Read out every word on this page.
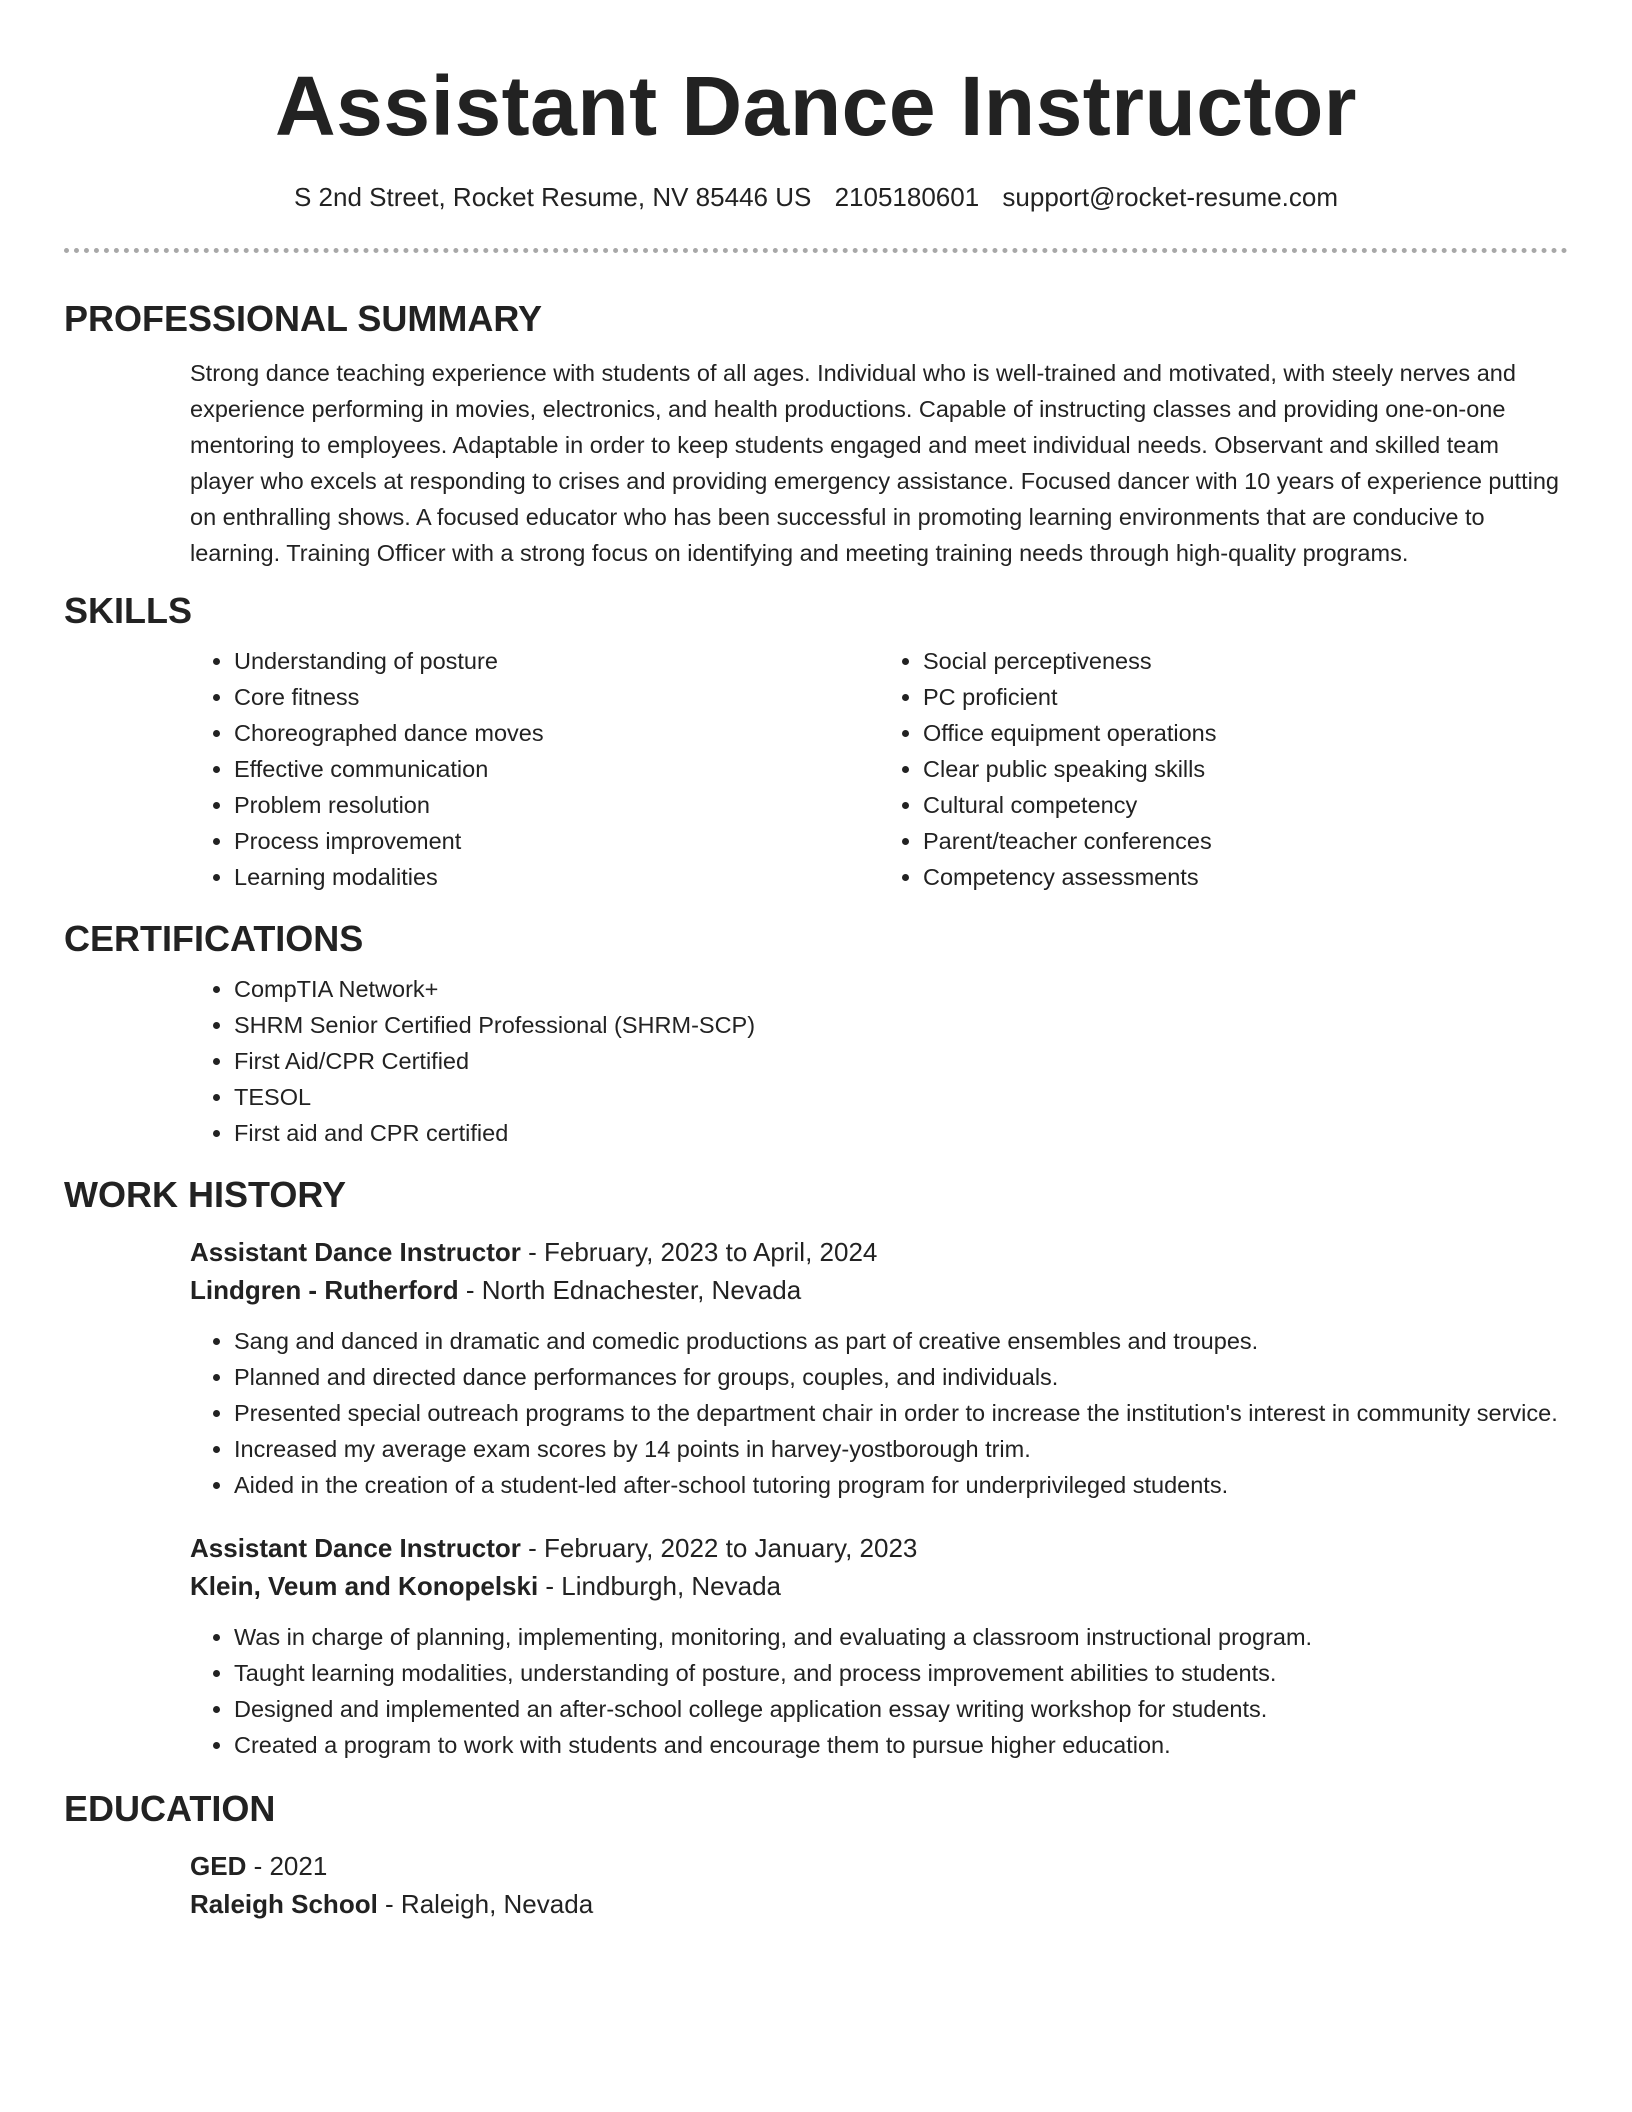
Assistant Dance Instructor
S 2nd Street, Rocket Resume, NV 85446 US 2105180601 support@rocket-resume.com
PROFESSIONAL SUMMARY

Strong dance teaching experience with students of all ages. Individual who is well-trained and motivated, with steely nerves and experience performing in movies, electronics, and health productions. Capable of instructing classes and providing one-on-one mentoring to employees. Adaptable in order to keep students engaged and meet individual needs. Observant and skilled team player who excels at responding to crises and providing emergency assistance. Focused dancer with 10 years of experience putting on enthralling shows. A focused educator who has been successful in promoting learning environments that are conducive to learning. Training Officer with a strong focus on identifying and meeting training needs through high-quality programs.

SKILLS
• Understanding of posture
• Core fitness
• Choreographed dance moves
• Effective communication
• Problem resolution
• Process improvement
• Learning modalities
• Social perceptiveness
• PC proficient
• Office equipment operations
• Clear public speaking skills
• Cultural competency
• Parent/teacher conferences
• Competency assessments
CERTIFICATIONS
• CompTIA Network+
• SHRM Senior Certified Professional (SHRM-SCP)
• First Aid/CPR Certified
• TESOL
• First aid and CPR certified
WORK HISTORY
Assistant Dance Instructor - February, 2023 to April, 2024
Lindgren - Rutherford - North Ednachester, Nevada
• Sang and danced in dramatic and comedic productions as part of creative ensembles and troupes.
• Planned and directed dance performances for groups, couples, and individuals.
• Presented special outreach programs to the department chair in order to increase the institution's interest in community service.
• Increased my average exam scores by 14 points in harvey-yostborough trim.
• Aided in the creation of a student-led after-school tutoring program for underprivileged students.
Assistant Dance Instructor - February, 2022 to January, 2023
Klein, Veum and Konopelski - Lindburgh, Nevada
• Was in charge of planning, implementing, monitoring, and evaluating a classroom instructional program.
• Taught learning modalities, understanding of posture, and process improvement abilities to students.
• Designed and implemented an after-school college application essay writing workshop for students.
• Created a program to work with students and encourage them to pursue higher education.
EDUCATION
GED - 2021
Raleigh School - Raleigh, Nevada
